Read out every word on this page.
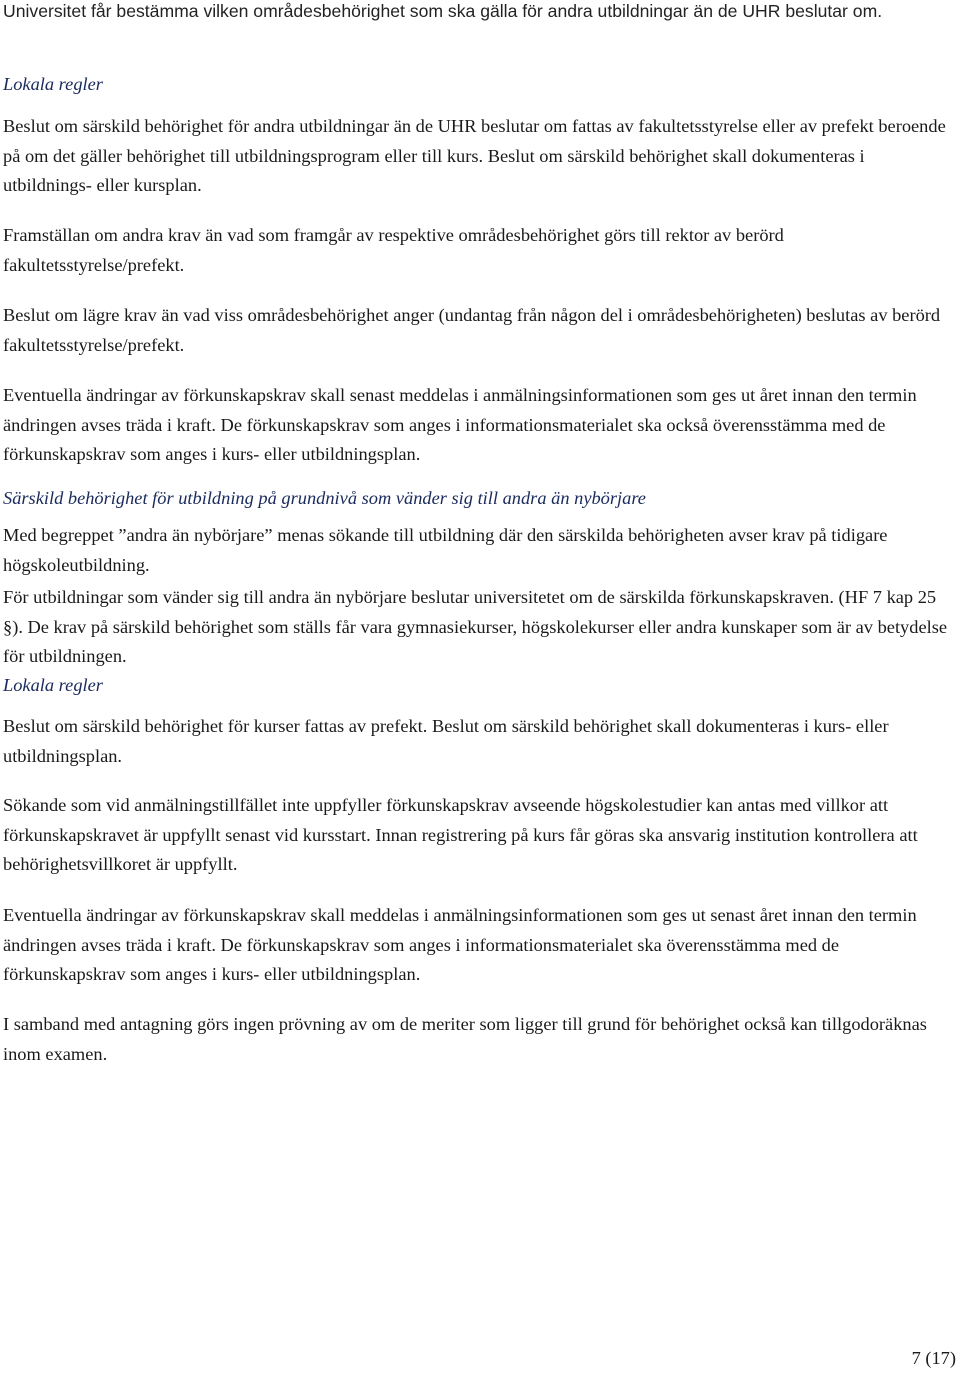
Universitet får bestämma vilken områdesbehörighet som ska gälla för andra utbildningar än de UHR beslutar om.

Lokala regler

Beslut om särskild behörighet för andra utbildningar än de UHR beslutar om fattas av fakultetsstyrelse eller av prefekt beroende på om det gäller behörighet till utbildningsprogram eller till kurs. Beslut om särskild behörighet skall dokumenteras i utbildnings- eller kursplan.

Framställan om andra krav än vad som framgår av respektive områdesbehörighet görs till rektor av berörd fakultetsstyrelse/prefekt.

Beslut om lägre krav än vad viss områdesbehörighet anger (undantag från någon del i områdesbehörigheten) beslutas av berörd fakultetsstyrelse/prefekt.

Eventuella ändringar av förkunskapskrav skall senast meddelas i anmälningsinformationen som ges ut året innan den termin ändringen avses träda i kraft. De förkunskapskrav som anges i informationsmaterialet ska också överensstämma med de förkunskapskrav som anges i kurs- eller utbildningsplan.

Särskild behörighet för utbildning på grundnivå som vänder sig till andra än nybörjare

Med begreppet ”andra än nybörjare” menas sökande till utbildning där den särskilda behörigheten avser krav på tidigare högskoleutbildning.

För utbildningar som vänder sig till andra än nybörjare beslutar universitetet om de särskilda förkunskapskraven. (HF 7 kap 25 §). De krav på särskild behörighet som ställs får vara gymnasiekurser, högskolekurser eller andra kunskaper som är av betydelse för utbildningen.

Lokala regler

Beslut om särskild behörighet för kurser fattas av prefekt. Beslut om särskild behörighet skall dokumenteras i kurs- eller utbildningsplan.

Sökande som vid anmälningstillfället inte uppfyller förkunskapskrav avseende högskolestudier kan antas med villkor att förkunskapskravet är uppfyllt senast vid kursstart. Innan registrering på kurs får göras ska ansvarig institution kontrollera att behörighetsvillkoret är uppfyllt.

Eventuella ändringar av förkunskapskrav skall meddelas i anmälningsinformationen som ges ut senast året innan den termin ändringen avses träda i kraft. De förkunskapskrav som anges i informationsmaterialet ska överensstämma med de förkunskapskrav som anges i kurs- eller utbildningsplan.

I samband med antagning görs ingen prövning av om de meriter som ligger till grund för behörighet också kan tillgodoräknas inom examen.

7 (17)
